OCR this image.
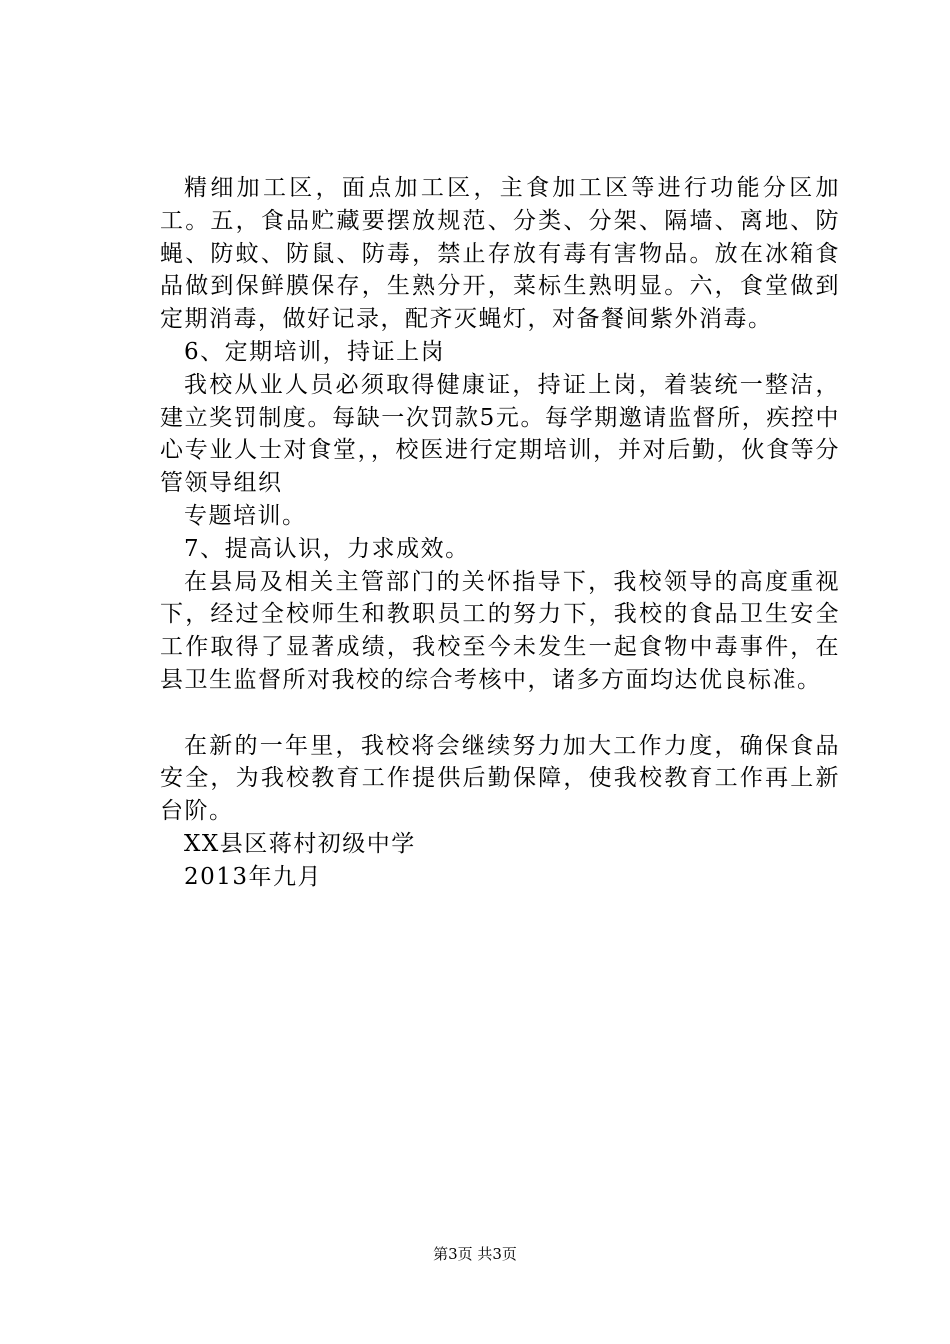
精细加工区，面点加工区，主食加工区等进行功能分区加工。五，食品贮藏要摆放规范、分类、分架、隔墙、离地、防蝇、防蚊、防鼠、防毒，禁止存放有毒有害物品。放在冰箱食品做到保鲜膜保存，生熟分开，菜标生熟明显。六，食堂做到定期消毒，做好记录，配齐灭蝇灯，对备餐间紫外消毒。

6、定期培训，持证上岗

我校从业人员必须取得健康证，持证上岗，着装统一整洁，建立奖罚制度。每缺一次罚款5元。每学期邀请监督所，疾控中心专业人士对食堂，，校医进行定期培训，并对后勤，伙食等分管领导组织

专题培训。

7、提高认识，力求成效。

在县局及相关主管部门的关怀指导下，我校领导的高度重视下，经过全校师生和教职员工的努力下，我校的食品卫生安全工作取得了显著成绩，我校至今未发生一起食物中毒事件，在县卫生监督所对我校的综合考核中，诸多方面均达优良标准。

在新的一年里，我校将会继续努力加大工作力度，确保食品安全，为我校教育工作提供后勤保障，使我校教育工作再上新台阶。

XX县区蒋村初级中学

2013年九月

第3页 共3页
